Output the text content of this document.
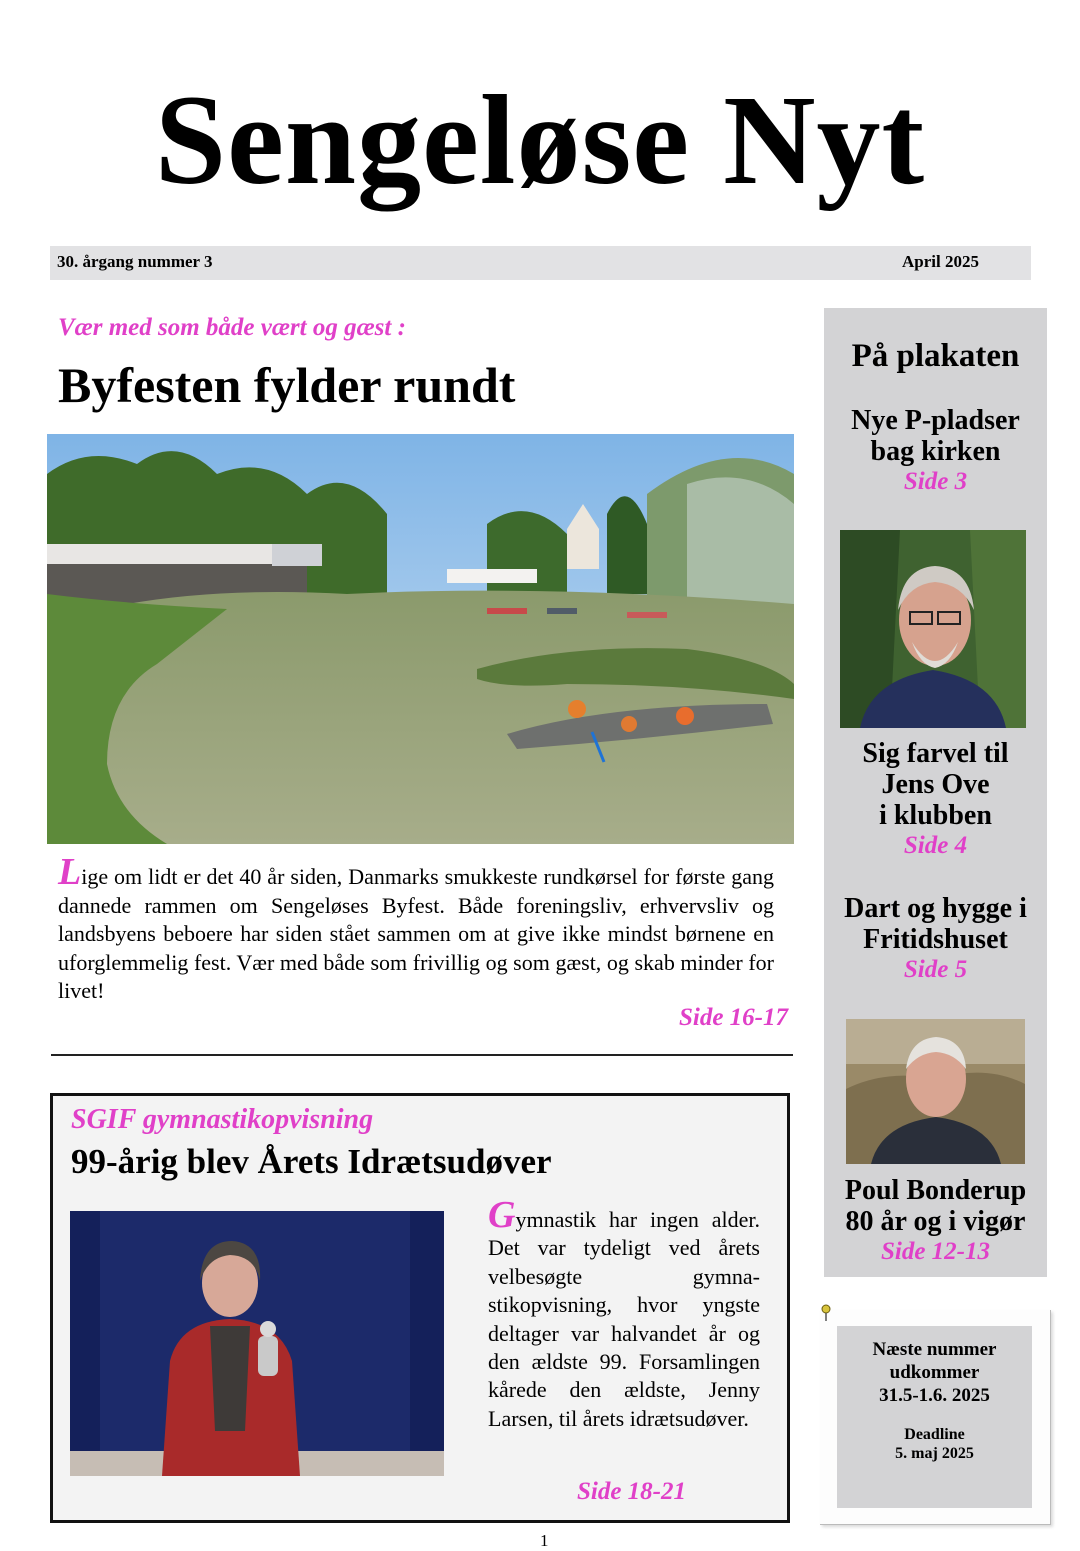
Sengeløse Nyt
30. årgang nummer 3	April 2025
Vær med som både vært og gæst :
Byfesten fylder rundt
Lige om lidt er det 40 år siden, Danmarks smukkeste rundkørsel for første gang dannede rammen om Sengeløses Byfest. Både foreningsliv, erhvervsliv og landsbyens beboere har siden stået sammen om at give ikke mindst børnene en uforglemmelig fest. Vær med både som frivillig og som gæst, og skab minder for livet!
Side 16-17
SGIF gymnastikopvisning
99-årig blev Årets Idrætsudøver
Gymnastik har ingen alder. Det var tydeligt ved årets velbesøgte gymnastikopvisning, hvor yngste deltager var halvandet år og den ældste 99. Forsamlingen kårede den ældste, Jenny Larsen, til årets idrætsudøver.
Side 18-21
På plakaten
Nye P-pladser
bag kirken
Side 3
Sig farvel til
Jens Ove
i klubben
Side 4
Dart og hygge i
Fritidshuset
Side 5
Poul Bonderup
80 år og i vigør
Side 12-13
Næste nummer
udkommer
31.5-1.6. 2025
Deadline
5. maj 2025
1
